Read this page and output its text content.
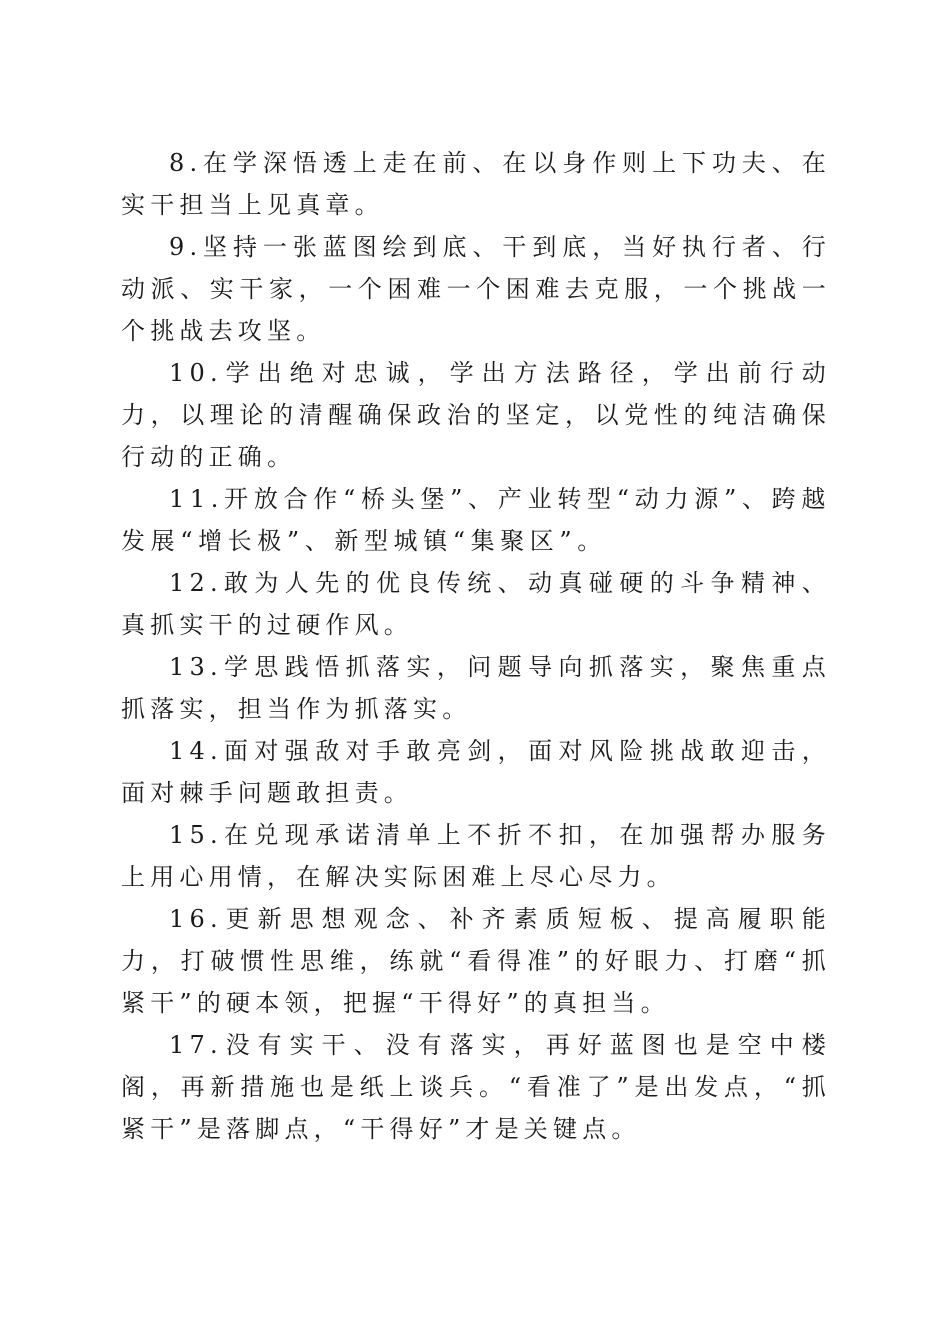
8.在学深悟透上走在前、在以身作则上下功夫、在实干担当上见真章。

9.坚持一张蓝图绘到底、干到底，当好执行者、行动派、实干家，一个困难一个困难去克服，一个挑战一个挑战去攻坚。

10.学出绝对忠诚，学出方法路径，学出前行动力，以理论的清醒确保政治的坚定，以党性的纯洁确保行动的正确。

11.开放合作“桥头堡”、产业转型“动力源”、跨越发展“增长极”、新型城镇“集聚区”。

12.敢为人先的优良传统、动真碰硬的斗争精神、真抓实干的过硬作风。

13.学思践悟抓落实，问题导向抓落实，聚焦重点抓落实，担当作为抓落实。

14.面对强敌对手敢亮剑，面对风险挑战敢迎击，面对棘手问题敢担责。

15.在兑现承诺清单上不折不扣，在加强帮办服务上用心用情，在解决实际困难上尽心尽力。

16.更新思想观念、补齐素质短板、提高履职能力，打破惯性思维，练就“看得准”的好眼力、打磨“抓紧干”的硬本领，把握“干得好”的真担当。

17.没有实干、没有落实，再好蓝图也是空中楼阁，再新措施也是纸上谈兵。“看准了”是出发点，“抓紧干”是落脚点，“干得好”才是关键点。
